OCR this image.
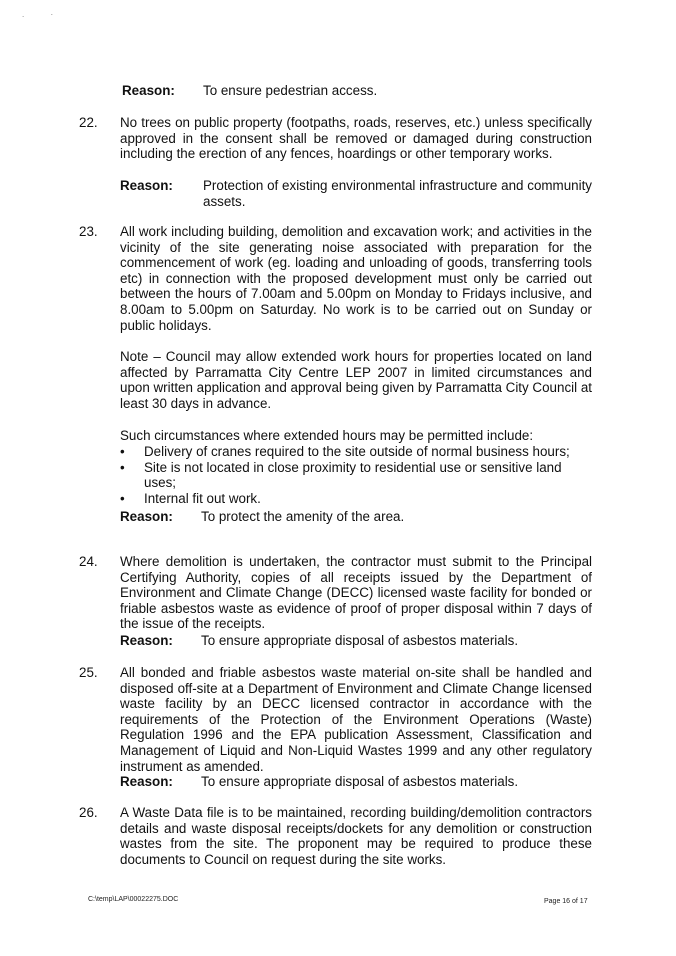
. ·
Reason: To ensure pedestrian access.
22. No trees on public property (footpaths, roads, reserves, etc.) unless specifically approved in the consent shall be removed or damaged during construction including the erection of any fences, hoardings or other temporary works.
Reason: Protection of existing environmental infrastructure and community assets.
23. All work including building, demolition and excavation work; and activities in the vicinity of the site generating noise associated with preparation for the commencement of work (eg. loading and unloading of goods, transferring tools etc) in connection with the proposed development must only be carried out between the hours of 7.00am and 5.00pm on Monday to Fridays inclusive, and 8.00am to 5.00pm on Saturday. No work is to be carried out on Sunday or public holidays.
Note – Council may allow extended work hours for properties located on land affected by Parramatta City Centre LEP 2007 in limited circumstances and upon written application and approval being given by Parramatta City Council at least 30 days in advance.
Such circumstances where extended hours may be permitted include:
• Delivery of cranes required to the site outside of normal business hours;
• Site is not located in close proximity to residential use or sensitive land uses;
• Internal fit out work.
Reason: To protect the amenity of the area.
24. Where demolition is undertaken, the contractor must submit to the Principal Certifying Authority, copies of all receipts issued by the Department of Environment and Climate Change (DECC) licensed waste facility for bonded or friable asbestos waste as evidence of proof of proper disposal within 7 days of the issue of the receipts.
Reason: To ensure appropriate disposal of asbestos materials.
25. All bonded and friable asbestos waste material on-site shall be handled and disposed off-site at a Department of Environment and Climate Change licensed waste facility by an DECC licensed contractor in accordance with the requirements of the Protection of the Environment Operations (Waste) Regulation 1996 and the EPA publication Assessment, Classification and Management of Liquid and Non-Liquid Wastes 1999 and any other regulatory instrument as amended.
Reason: To ensure appropriate disposal of asbestos materials.
26. A Waste Data file is to be maintained, recording building/demolition contractors details and waste disposal receipts/dockets for any demolition or construction wastes from the site. The proponent may be required to produce these documents to Council on request during the site works.
C:\temp\LAP\00022275.DOC	Page 16 of 17
